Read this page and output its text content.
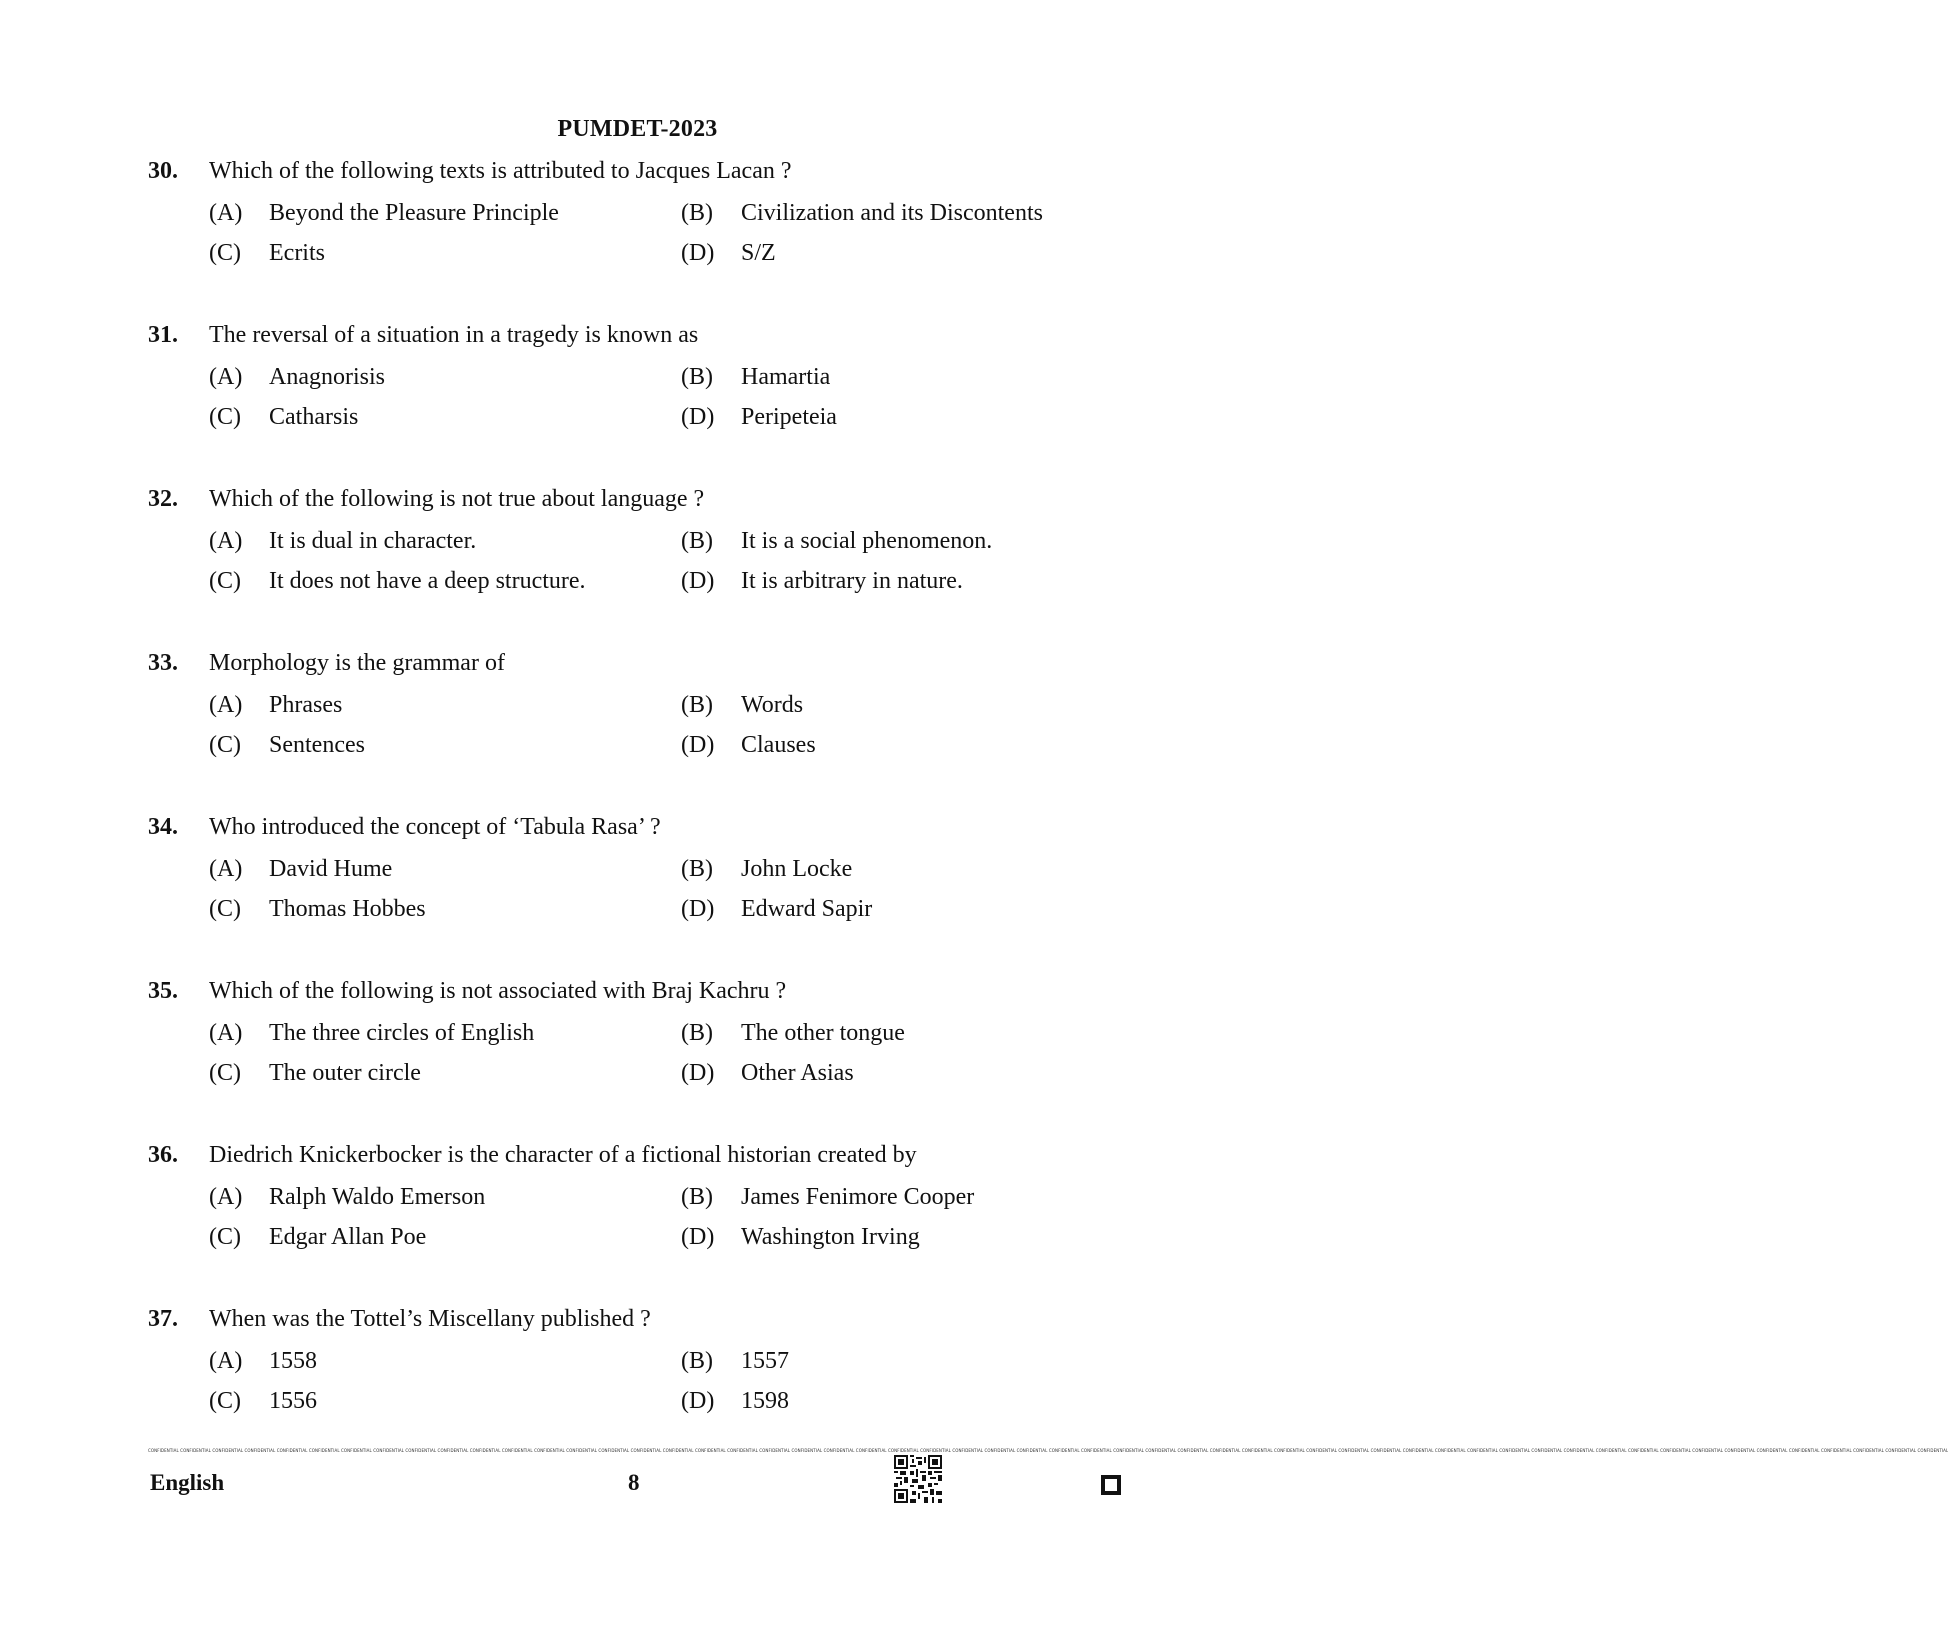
PUMDET-2023
30. Which of the following texts is attributed to Jacques Lacan ?
(A) Beyond the Pleasure Principle	(B) Civilization and its Discontents
(C) Ecrits	(D) S/Z
31. The reversal of a situation in a tragedy is known as
(A) Anagnorisis	(B) Hamartia
(C) Catharsis	(D) Peripeteia
32. Which of the following is not true about language ?
(A) It is dual in character.	(B) It is a social phenomenon.
(C) It does not have a deep structure.	(D) It is arbitrary in nature.
33. Morphology is the grammar of
(A) Phrases	(B) Words
(C) Sentences	(D) Clauses
34. Who introduced the concept of ‘Tabula Rasa’ ?
(A) David Hume	(B) John Locke
(C) Thomas Hobbes	(D) Edward Sapir
35. Which of the following is not associated with Braj Kachru ?
(A) The three circles of English	(B) The other tongue
(C) The outer circle	(D) Other Asias
36. Diedrich Knickerbocker is the character of a fictional historian created by
(A) Ralph Waldo Emerson	(B) James Fenimore Cooper
(C) Edgar Allan Poe	(D) Washington Irving
37. When was the Tottel’s Miscellany published ?
(A) 1558	(B) 1557
(C) 1556	(D) 1598
CONFIDENTIAL CONFIDENTIAL CONFIDENTIAL CONFIDENTIAL CONFIDENTIAL CONFIDENTIAL CONFIDENTIAL CONFIDENTIAL CONFIDENTIAL CONFIDENTIAL CONFIDENTIAL CONFIDENTIAL CONFIDENTIAL CONFIDENTIAL CONFIDENTIAL CONFIDENTIAL CONFIDENTIAL CONFIDENTIAL CONFIDENTIAL CONFIDENTIAL CONFIDENTIAL CONFIDENTIAL CONFIDENTIAL CONFIDENTIAL CONFIDENTIAL CONFIDENTIAL CONFIDENTIAL CONFIDENTIAL CONFIDENTIAL CONFIDENTIAL CONFIDENTIAL CONFIDENTIAL CONFIDENTIAL CONFIDENTIAL CONFIDENTIAL CONFIDENTIAL CONFIDENTIAL CONFIDENTIAL CONFIDENTIAL CONFIDENTIAL CONFIDENTIAL CONFIDENTIAL CONFIDENTIAL CONFIDENTIAL CONFIDENTIAL CONFIDENTIAL CONFIDENTIAL CONFIDENTIAL CONFIDENTIAL CONFIDENTIAL CONFIDENTIAL CONFIDENTIAL CONFIDENTIAL CONFIDENTIAL CONFIDENTIAL CONFIDENTIAL
English	8
